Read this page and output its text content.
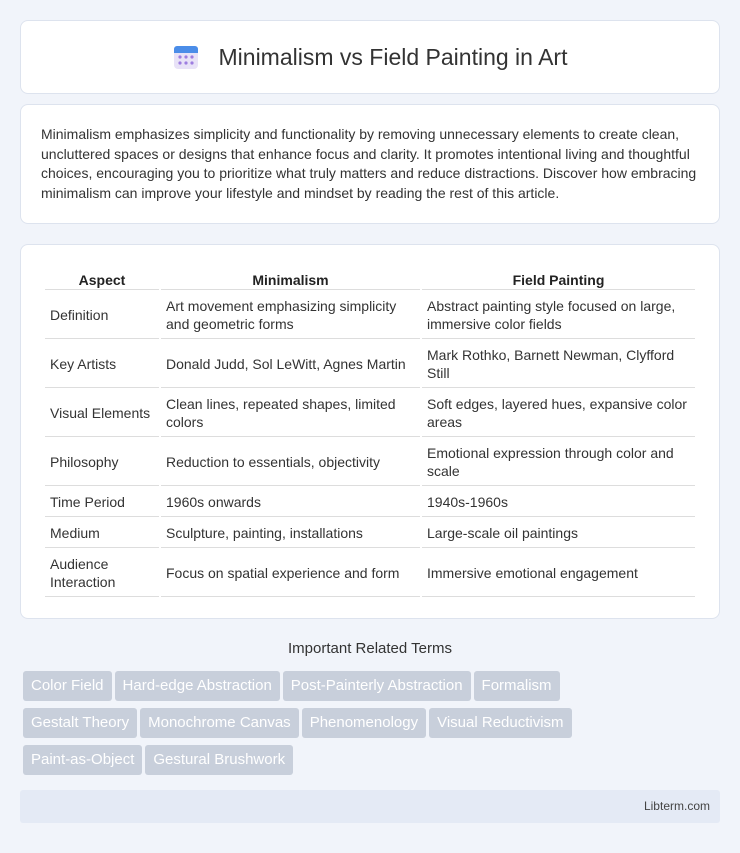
Minimalism vs Field Painting in Art

Minimalism emphasizes simplicity and functionality by removing unnecessary elements to create clean, uncluttered spaces or designs that enhance focus and clarity. It promotes intentional living and thoughtful choices, encouraging you to prioritize what truly matters and reduce distractions. Discover how embracing minimalism can improve your lifestyle and mindset by reading the rest of this article.

Aspect	Minimalism	Field Painting
Definition	Art movement emphasizing simplicity and geometric forms	Abstract painting style focused on large, immersive color fields
Key Artists	Donald Judd, Sol LeWitt, Agnes Martin	Mark Rothko, Barnett Newman, Clyfford Still
Visual Elements	Clean lines, repeated shapes, limited colors	Soft edges, layered hues, expansive color areas
Philosophy	Reduction to essentials, objectivity	Emotional expression through color and scale
Time Period	1960s onwards	1940s-1960s
Medium	Sculpture, painting, installations	Large-scale oil paintings
Audience Interaction	Focus on spatial experience and form	Immersive emotional engagement
Important Related Terms
Color Field Hard-edge Abstraction Post-Painterly Abstraction Formalism
Gestalt Theory Monochrome Canvas Phenomenology Visual Reductivism
Paint-as-Object Gestural Brushwork
Libterm.com
